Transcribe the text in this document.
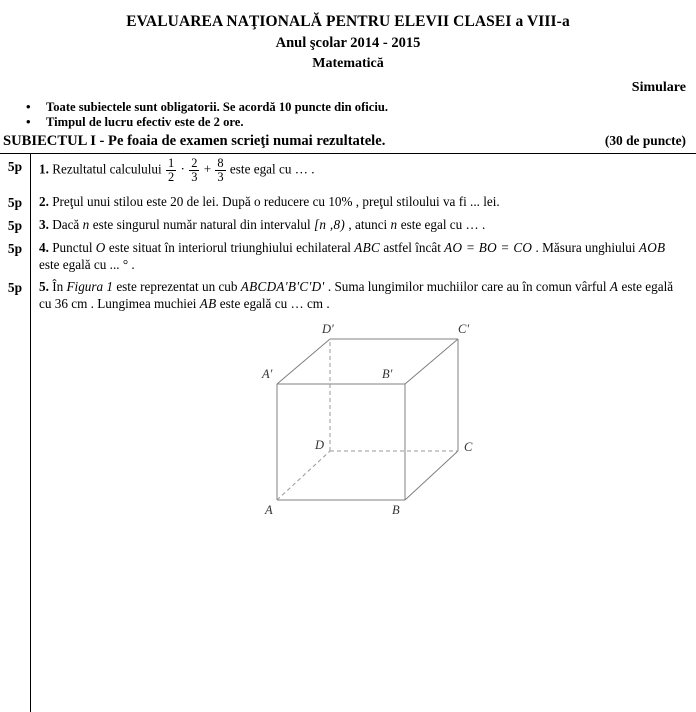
EVALUAREA NAŢIONALĂ PENTRU ELEVII CLASEI a VIII-a
Anul şcolar 2014 - 2015
Matematică
Simulare
• Toate subiectele sunt obligatorii. Se acordă 10 puncte din oficiu.
• Timpul de lucru efectiv este de 2 ore.
SUBIECTUL I - Pe foaia de examen scrieţi numai rezultatele.	(30 de puncte)
5p	1. Rezultatul calculului $\frac{1}{2} \cdot \frac{2}{3} + \frac{8}{3}$ este egal cu … .
5p	2. Preţul unui stilou este 20 de lei. După o reducere cu 10% , preţul stiloului va fi ... lei.
5p	3. Dacă n este singurul număr natural din intervalul [n ,8) , atunci n este egal cu … .
5p	4. Punctul O este situat în interiorul triunghiului echilateral ABC astfel încât AO = BO = CO . Măsura unghiului AOB este egală cu ... ° .
5p	5. În Figura 1 este reprezentat un cub ABCDA'B'C'D' . Suma lungimilor muchiilor care au în comun vârful A este egală cu 36 cm . Lungimea muchiei AB este egală cu … cm .
A	B
C
D
A'	B'
C'
D'
